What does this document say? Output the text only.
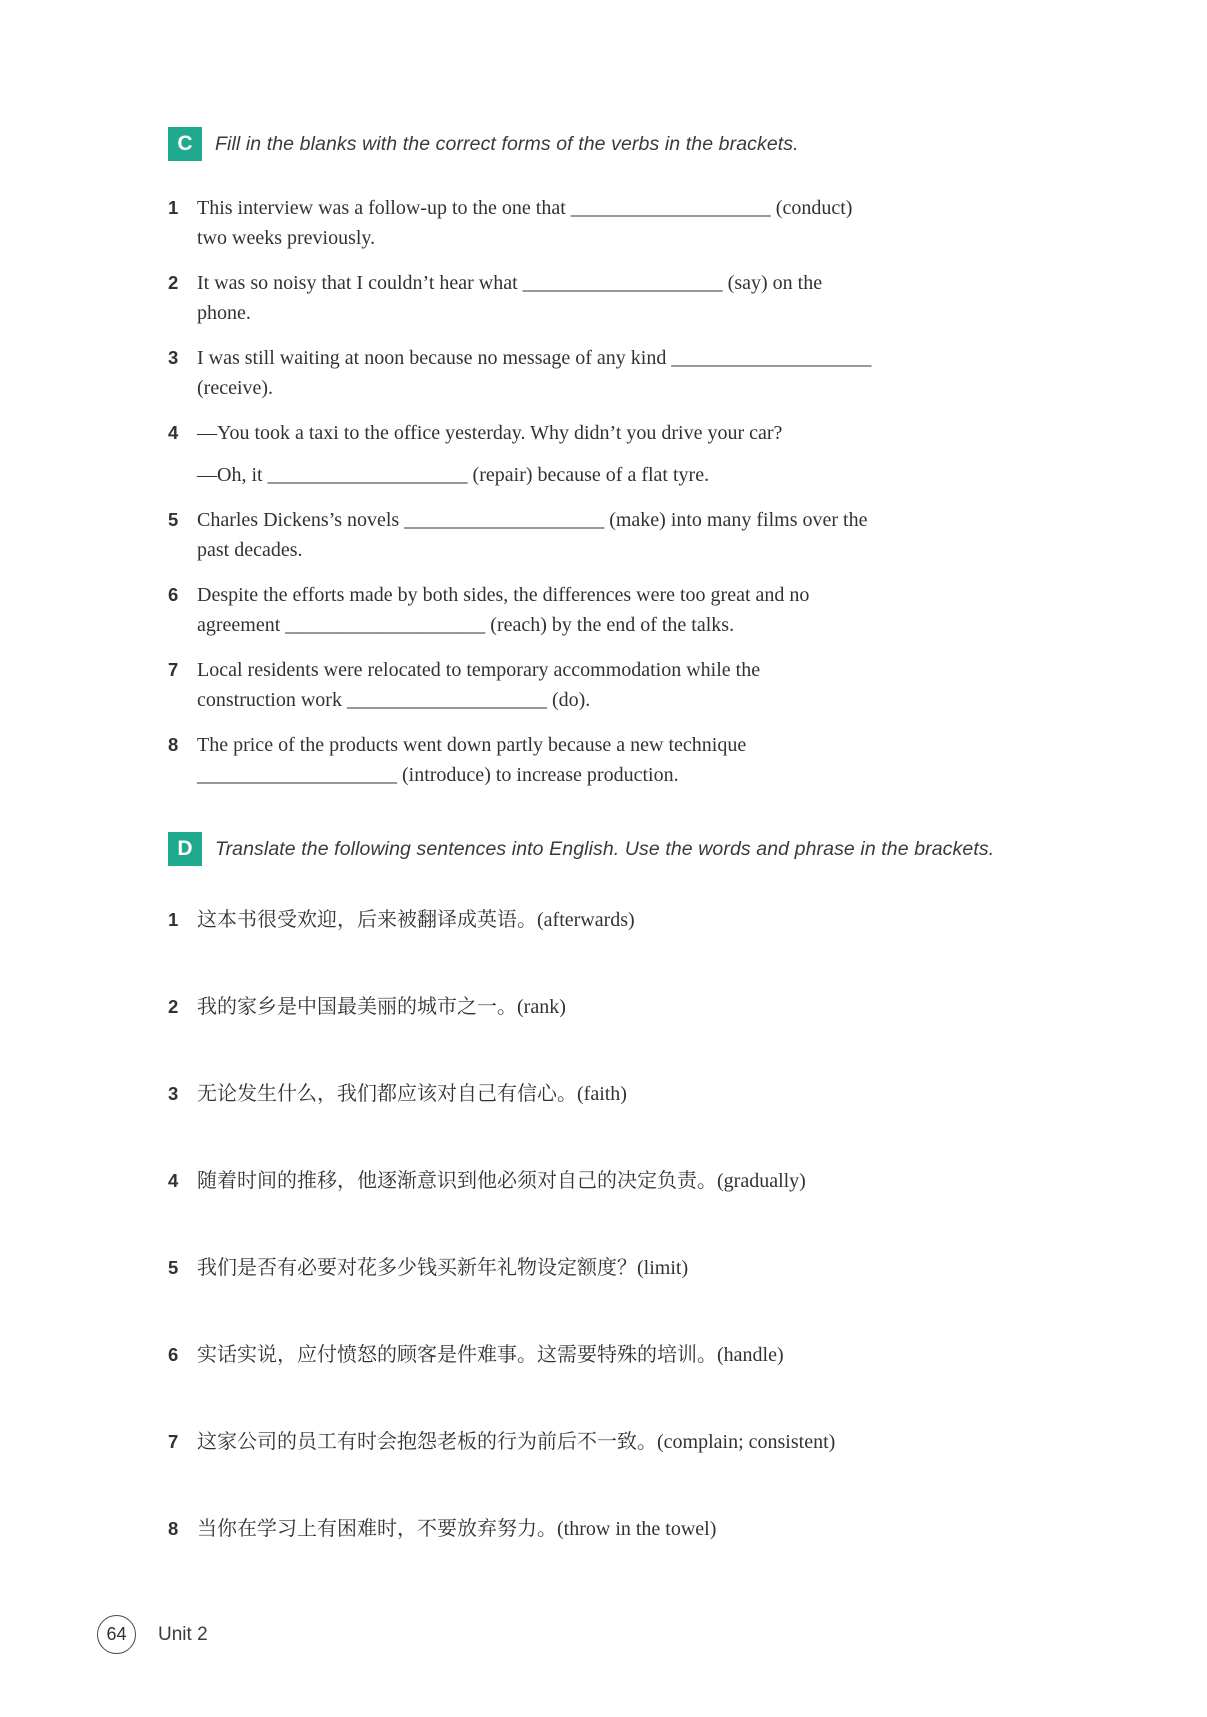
C	Fill in the blanks with the correct forms of the verbs in the brackets.
1 This interview was a follow-up to the one that ____________________ (conduct)
two weeks previously.
2 It was so noisy that I couldn’t hear what ____________________ (say) on the
phone.
3 I was still waiting at noon because no message of any kind ____________________
(receive).
4 —You took a taxi to the office yesterday. Why didn’t you drive your car?
—Oh, it ____________________ (repair) because of a flat tyre.
5 Charles Dickens’s novels ____________________ (make) into many films over the
past decades.
6 Despite the efforts made by both sides, the differences were too great and no
agreement ____________________ (reach) by the end of the talks.
7 Local residents were relocated to temporary accommodation while the
construction work ____________________ (do).
8 The price of the products went down partly because a new technique
____________________ (introduce) to increase production.
D	Translate the following sentences into English. Use the words and phrase in the brackets.
1 这本书很受欢迎，后来被翻译成英语。(afterwards)
2 我的家乡是中国最美丽的城市之一。(rank)
3 无论发生什么，我们都应该对自己有信心。(faith)
4 随着时间的推移，他逐渐意识到他必须对自己的决定负责。(gradually)
5 我们是否有必要对花多少钱买新年礼物设定额度？(limit)
6 实话实说，应付愤怒的顾客是件难事。这需要特殊的培训。(handle)
7 这家公司的员工有时会抱怨老板的行为前后不一致。(complain; consistent)
8 当你在学习上有困难时，不要放弃努力。(throw in the towel)
64	Unit 2
